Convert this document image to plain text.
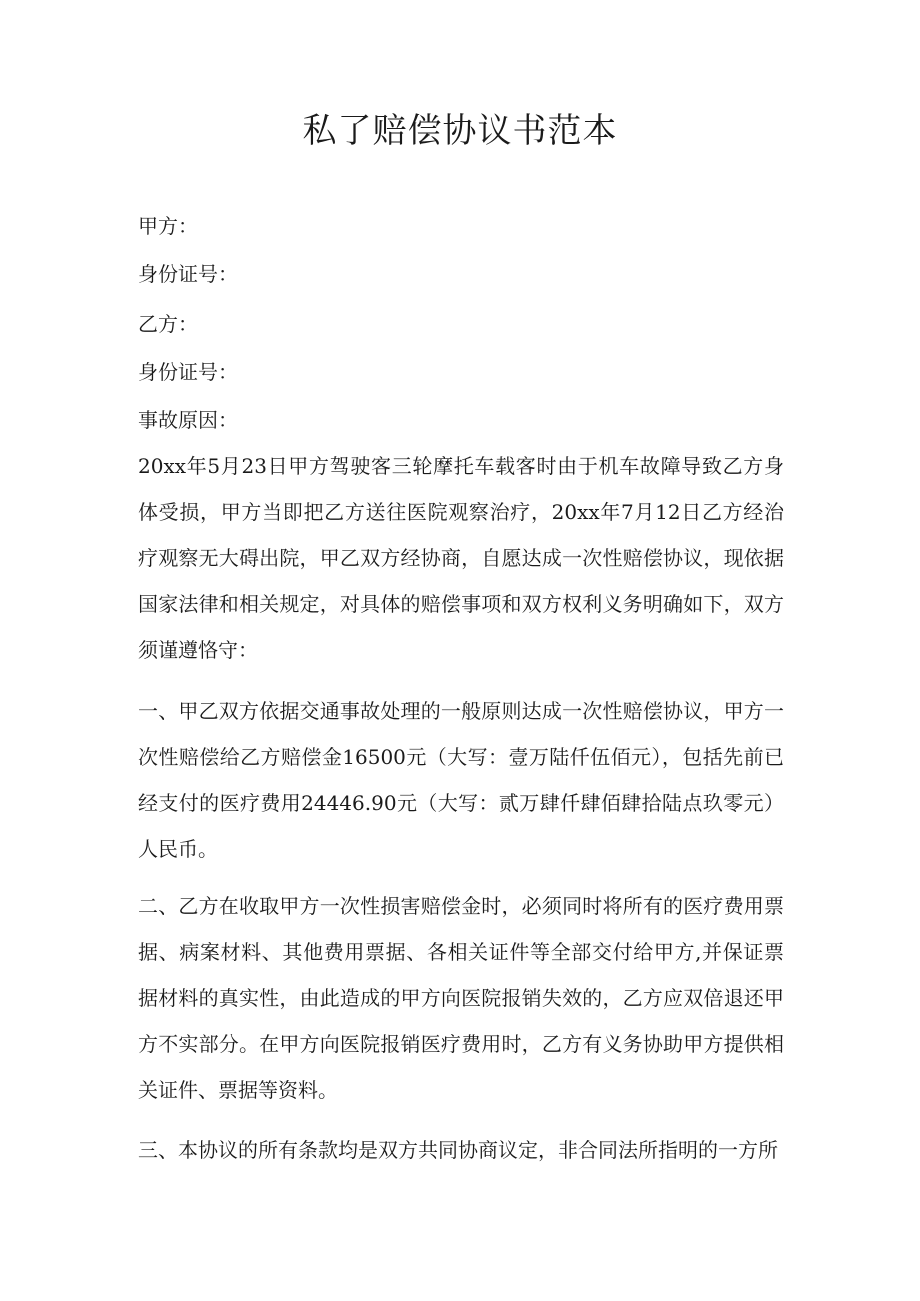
私了赔偿协议书范本

甲方：

身份证号：

乙方：

身份证号：

事故原因：

20xx年5月23日甲方驾驶客三轮摩托车载客时由于机车故障导致乙方身体受损，甲方当即把乙方送往医院观察治疗，20xx年7月12日乙方经治疗观察无大碍出院，甲乙双方经协商，自愿达成一次性赔偿协议，现依据国家法律和相关规定，对具体的赔偿事项和双方权利义务明确如下，双方须谨遵恪守：

一、甲乙双方依据交通事故处理的一般原则达成一次性赔偿协议，甲方一次性赔偿给乙方赔偿金16500元（大写：壹万陆仟伍佰元），包括先前已经支付的医疗费用24446.90元（大写：贰万肆仟肆佰肆拾陆点玖零元）人民币。

二、乙方在收取甲方一次性损害赔偿金时，必须同时将所有的医疗费用票据、病案材料、其他费用票据、各相关证件等全部交付给甲方,并保证票据材料的真实性，由此造成的甲方向医院报销失效的，乙方应双倍退还甲方不实部分。在甲方向医院报销医疗费用时，乙方有义务协助甲方提供相关证件、票据等资料。

三、本协议的所有条款均是双方共同协商议定，非合同法所指明的一方所
